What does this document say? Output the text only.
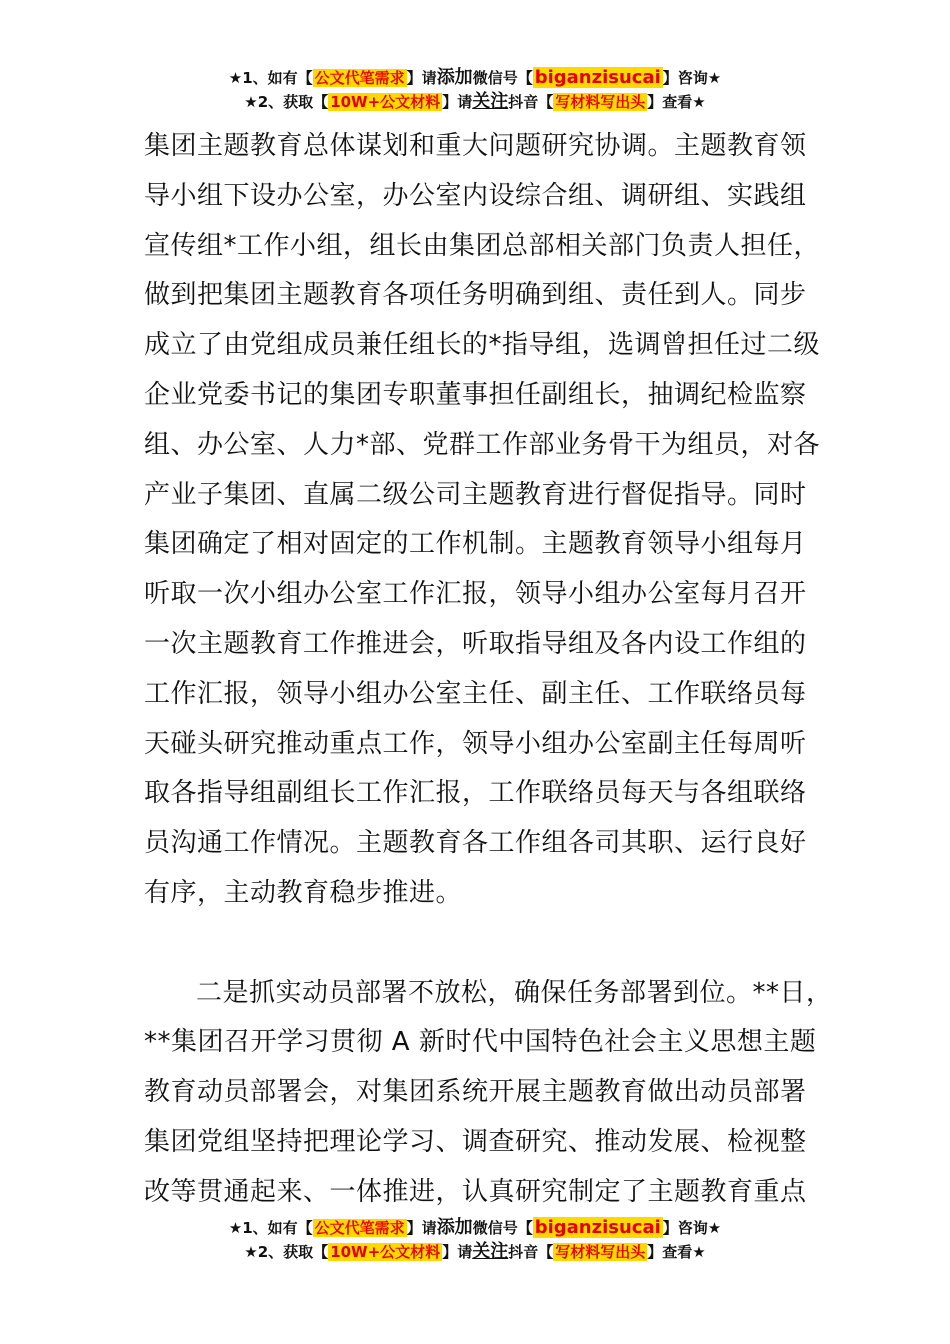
★1、如有【 公文代笔需求 】请添加微信号【 biganzisucai 】咨询★
★2、获取【 10W+公文材料 】请关注抖音【 写材料写出头 】查看★
集团主题教育总体谋划和重大问题研究协调。主题教育领
导小组下设办公室，办公室内设综合组、调研组、实践组
宣传组*工作小组，组长由集团总部相关部门负责人担任，
做到把集团主题教育各项任务明确到组、责任到人。同步
成立了由党组成员兼任组长的*指导组，选调曾担任过二级
企业党委书记的集团专职董事担任副组长，抽调纪检监察
组、办公室、人力*部、党群工作部业务骨干为组员，对各
产业子集团、直属二级公司主题教育进行督促指导。同时
集团确定了相对固定的工作机制。主题教育领导小组每月
听取一次小组办公室工作汇报，领导小组办公室每月召开
一次主题教育工作推进会，听取指导组及各内设工作组的
工作汇报，领导小组办公室主任、副主任、工作联络员每
天碰头研究推动重点工作，领导小组办公室副主任每周听
取各指导组副组长工作汇报，工作联络员每天与各组联络
员沟通工作情况。主题教育各工作组各司其职、运行良好
有序，主动教育稳步推进。
二是抓实动员部署不放松，确保任务部署到位。**日，
**集团召开学习贯彻 A 新时代中国特色社会主义思想主题
教育动员部署会，对集团系统开展主题教育做出动员部署
集团党组坚持把理论学习、调查研究、推动发展、检视整
改等贯通起来、一体推进，认真研究制定了主题教育重点
★1、如有【 公文代笔需求 】请添加微信号【 biganzisucai 】咨询★
★2、获取【 10W+公文材料 】请关注抖音【 写材料写出头 】查看★
